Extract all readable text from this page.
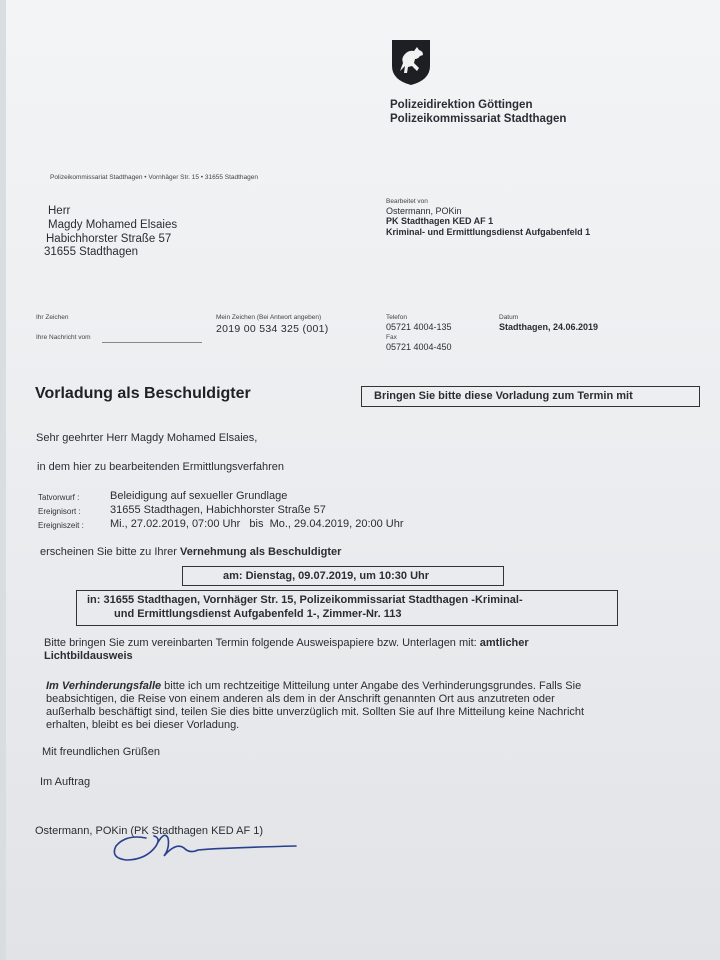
Polizeidirektion Göttingen
Polizeikommissariat Stadthagen
Polizeikommissariat Stadthagen • Vornhäger Str. 15 • 31655 Stadthagen
Herr
Magdy Mohamed Elsaies
Habichhorster Straße 57
31655 Stadthagen
Bearbeitet von
Ostermann, POKin
PK Stadthagen KED AF 1
Kriminal- und Ermittlungsdienst Aufgabenfeld 1
Ihr Zeichen
Ihre Nachricht vom
Mein Zeichen (Bei Antwort angeben)
2019 00 534 325 (001)
Telefon
05721 4004-135
Fax
05721 4004-450
Datum
Stadthagen, 24.06.2019
Vorladung als Beschuldigter	Bringen Sie bitte diese Vorladung zum Termin mit
Sehr geehrter Herr Magdy Mohamed Elsaies,
in dem hier zu bearbeitenden Ermittlungsverfahren
Tatvorwurf :	Beleidigung auf sexueller Grundlage
Ereignisort :	31655 Stadthagen, Habichhorster Straße 57
Ereigniszeit : Mi., 27.02.2019, 07:00 Uhr   bis  Mo., 29.04.2019, 20:00 Uhr
erscheinen Sie bitte zu Ihrer Vernehmung als Beschuldigter
am: Dienstag, 09.07.2019, um 10:30 Uhr
in: 31655 Stadthagen, Vornhäger Str. 15, Polizeikommissariat Stadthagen -Kriminal-
und Ermittlungsdienst Aufgabenfeld 1-, Zimmer-Nr. 113
Bitte bringen Sie zum vereinbarten Termin folgende Ausweispapiere bzw. Unterlagen mit: amtlicher
Lichtbildausweis
Im Verhinderungsfalle bitte ich um rechtzeitige Mitteilung unter Angabe des Verhinderungsgrundes. Falls Sie
beabsichtigen, die Reise von einem anderen als dem in der Anschrift genannten Ort aus anzutreten oder
außerhalb beschäftigt sind, teilen Sie dies bitte unverzüglich mit. Sollten Sie auf Ihre Mitteilung keine Nachricht
erhalten, bleibt es bei dieser Vorladung.
Mit freundlichen Grüßen
Im Auftrag
Ostermann, POKin (PK Stadthagen KED AF 1)
